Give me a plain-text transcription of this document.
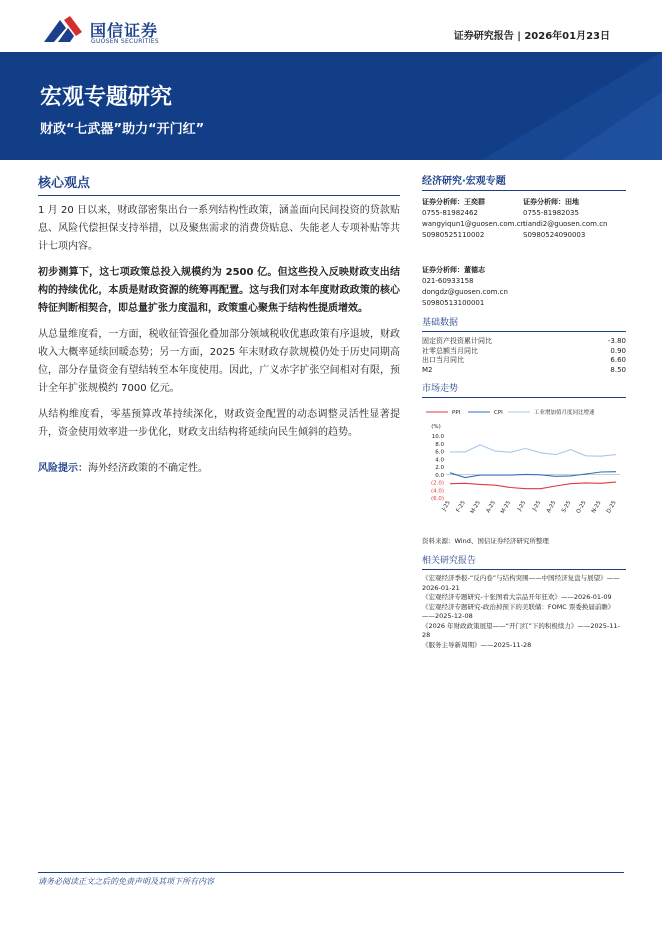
国信证券
GUOSEN SECURITIES	证券研究报告 | 2026年01月23日
宏观专题研究
财政“七武器”助力“开门红”
核心观点

1 月 20 日以来，财政部密集出台一系列结构性政策，涵盖面向民间投资的贷款贴息、风险代偿担保支持举措，以及聚焦需求的消费贷贴息、失能老人专项补贴等共计七项内容。

初步测算下，这七项政策总投入规模约为 2500 亿。但这些投入反映财政支出结构的持续优化，本质是财政资源的统筹再配置。这与我们对本年度财政政策的核心特征判断相契合，即总量扩张力度温和，政策重心聚焦于结构性提质增效。

从总量维度看，一方面，税收征管强化叠加部分领域税收优惠政策有序退坡，财政收入大概率延续回暖态势；另一方面，2025 年末财政存款规模仍处于历史同期高位，部分存量资金有望结转至本年度使用。因此，广义赤字扩张空间相对有限，预计全年扩张规模约 7000 亿元。

从结构维度看，零基预算改革持续深化，财政资金配置的动态调整灵活性显著提升，资金使用效率进一步优化，财政支出结构将延续向民生倾斜的趋势。

风险提示：海外经济政策的不确定性。
经济研究·宏观专题
证券分析师：王奕群
0755-81982462
wangyiqun1@guosen.com.cn
S0980525110002
证券分析师：田地
0755-81982035
tiandi2@guosen.com.cn
S0980524090003
证券分析师：董德志
021-60933158
dongdz@guosen.com.cn
S0980513100001
基础数据
固定资产投资累计同比	-3.80
社零总额当月同比	0.90
出口当月同比	6.60
M2	8.50
市场走势
PPI	CPI	工业增加值月度同比增速
(%)
10.0
8.0
6.0
4.0
2.0
0.0
(2.0)
(4.0)
(6.0)
J-25 F-25 M-25 A-25 M-25 J-25 J-25 A-25 S-25 O-25 N-25 D-25
资料来源：Wind、国信证券经济研究所整理
相关研究报告
《宏观经济季报-“反内卷”与结构突围——中国经济复盘与展望》——2026-01-21
《宏观经济专题研究-十张图看大宗品开年狂欢》——2026-01-09
《宏观经济专题研究-政治掉预下的美联储：FOMC 票委换届前瞻》——2025-12-08
《2026 年财政政策展望——“开门红”下的积极续力》——2025-11-28
《服务主导新周期》——2025-11-28
请务必阅读正文之后的免责声明及其项下所有内容
